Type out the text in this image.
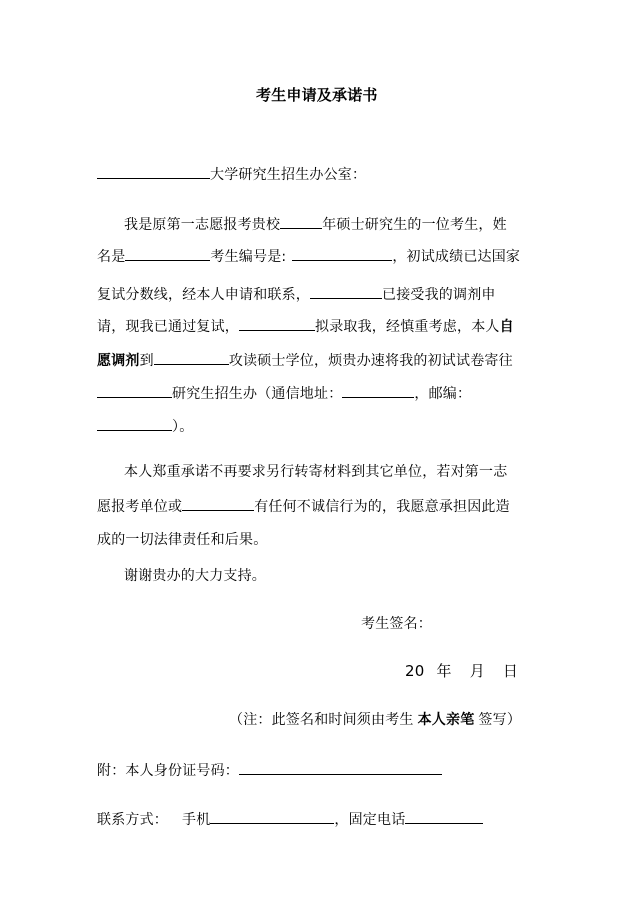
考生申请及承诺书
大学研究生招生办公室：
我是原第一志愿报考贵校	年硕士研究生的一位考生，姓
名是	考生编号是:	，初试成绩已达国家
复试分数线，经本人申请和联系，	已接受我的调剂申
请，现我已通过复试，	拟录取我，经慎重考虑，本人自
愿调剂到	攻读硕士学位，烦贵办速将我的初试试卷寄往
研究生招生办（通信地址：	，邮编：
）。
本人郑重承诺不再要求另行转寄材料到其它单位，若对第一志
愿报考单位或	有任何不诚信行为的，我愿意承担因此造
成的一切法律责任和后果。
谢谢贵办的大力支持。
考生签名：
20 年 月 日
（注：此签名和时间须由考生 本人亲笔 签写）
附：本人身份证号码：
联系方式： 手机	，固定电话
